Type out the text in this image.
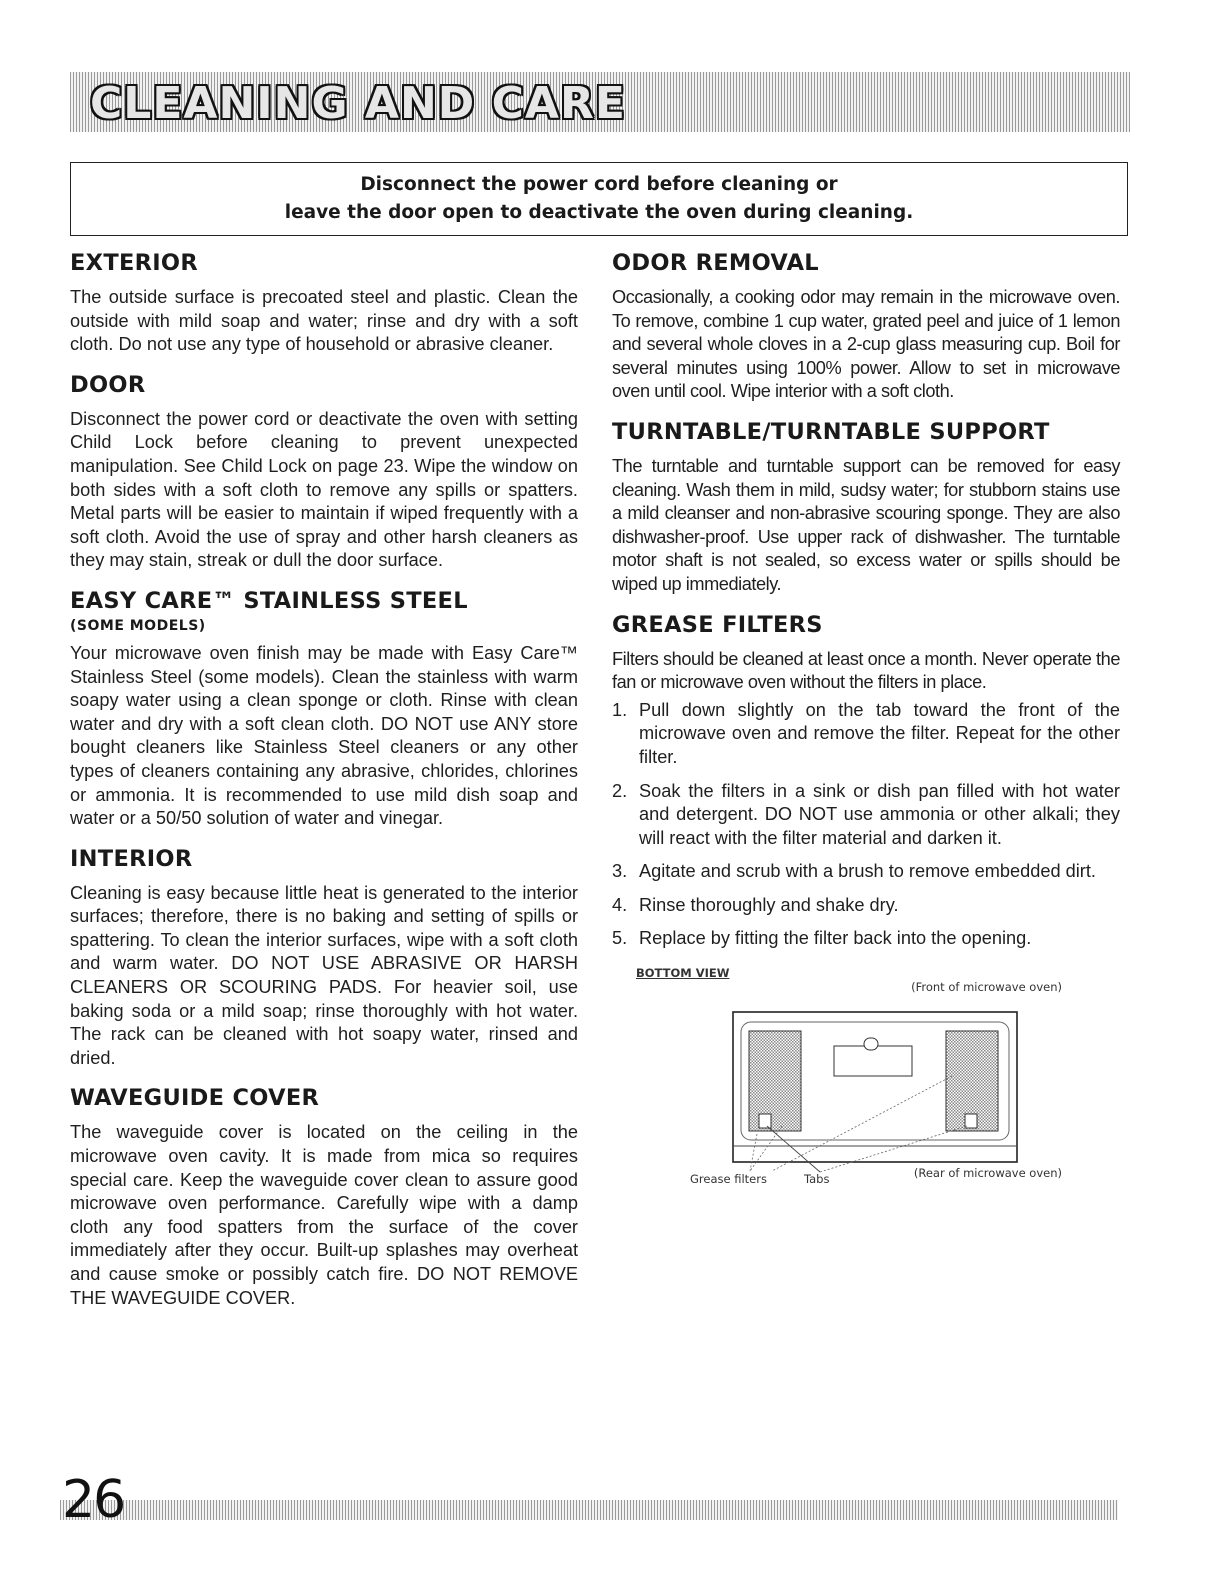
CLEANING AND CARE
Disconnect the power cord before cleaning or
leave the door open to deactivate the oven during cleaning.
EXTERIOR

The outside surface is precoated steel and plastic. Clean the outside with mild soap and water; rinse and dry with a soft cloth. Do not use any type of household or abrasive cleaner.

DOOR

Disconnect the power cord or deactivate the oven with setting Child Lock before cleaning to prevent unexpected manipulation. See Child Lock on page 23. Wipe the window on both sides with a soft cloth to remove any spills or spatters. Metal parts will be easier to maintain if wiped frequently with a soft cloth. Avoid the use of spray and other harsh cleaners as they may stain, streak or dull the door surface.

EASY CARE™ STAINLESS STEEL
(SOME MODELS)

Your microwave oven finish may be made with Easy Care™ Stainless Steel (some models). Clean the stainless with warm soapy water using a clean sponge or cloth. Rinse with clean water and dry with a soft clean cloth. DO NOT use ANY store bought cleaners like Stainless Steel cleaners or any other types of cleaners containing any abrasive, chlorides, chlorines or ammonia. It is recommended to use mild dish soap and water or a 50/50 solution of water and vinegar.

INTERIOR

Cleaning is easy because little heat is generated to the interior surfaces; therefore, there is no baking and setting of spills or spattering. To clean the interior surfaces, wipe with a soft cloth and warm water. DO NOT USE ABRASIVE OR HARSH CLEANERS OR SCOURING PADS. For heavier soil, use baking soda or a mild soap; rinse thoroughly with hot water. The rack can be cleaned with hot soapy water, rinsed and dried.

WAVEGUIDE COVER

The waveguide cover is located on the ceiling in the microwave oven cavity. It is made from mica so requires special care. Keep the waveguide cover clean to assure good microwave oven performance. Carefully wipe with a damp cloth any food spatters from the surface of the cover immediately after they occur. Built-up splashes may overheat and cause smoke or possibly catch fire. DO NOT REMOVE THE WAVEGUIDE COVER.

ODOR REMOVAL

Occasionally, a cooking odor may remain in the microwave oven. To remove, combine 1 cup water, grated peel and juice of 1 lemon and several whole cloves in a 2-cup glass measuring cup. Boil for several minutes using 100% power. Allow to set in microwave oven until cool. Wipe interior with a soft cloth.

TURNTABLE/TURNTABLE SUPPORT

The turntable and turntable support can be removed for easy cleaning. Wash them in mild, sudsy water; for stubborn stains use a mild cleanser and non-abrasive scouring sponge. They are also dishwasher-proof. Use upper rack of dishwasher. The turntable motor shaft is not sealed, so excess water or spills should be wiped up immediately.

GREASE FILTERS

Filters should be cleaned at least once a month. Never operate the fan or microwave oven without the filters in place.

1. Pull down slightly on the tab toward the front of the microwave oven and remove the filter. Repeat for the other filter.
2. Soak the filters in a sink or dish pan filled with hot water and detergent. DO NOT use ammonia or other alkali; they will react with the filter material and darken it.
3. Agitate and scrub with a brush to remove embedded dirt.
4. Rinse thoroughly and shake dry.
5. Replace by fitting the filter back into the opening.
BOTTOM VIEW
(Front of microwave oven)
(Rear of microwave oven)
Grease filters	Tabs
26
